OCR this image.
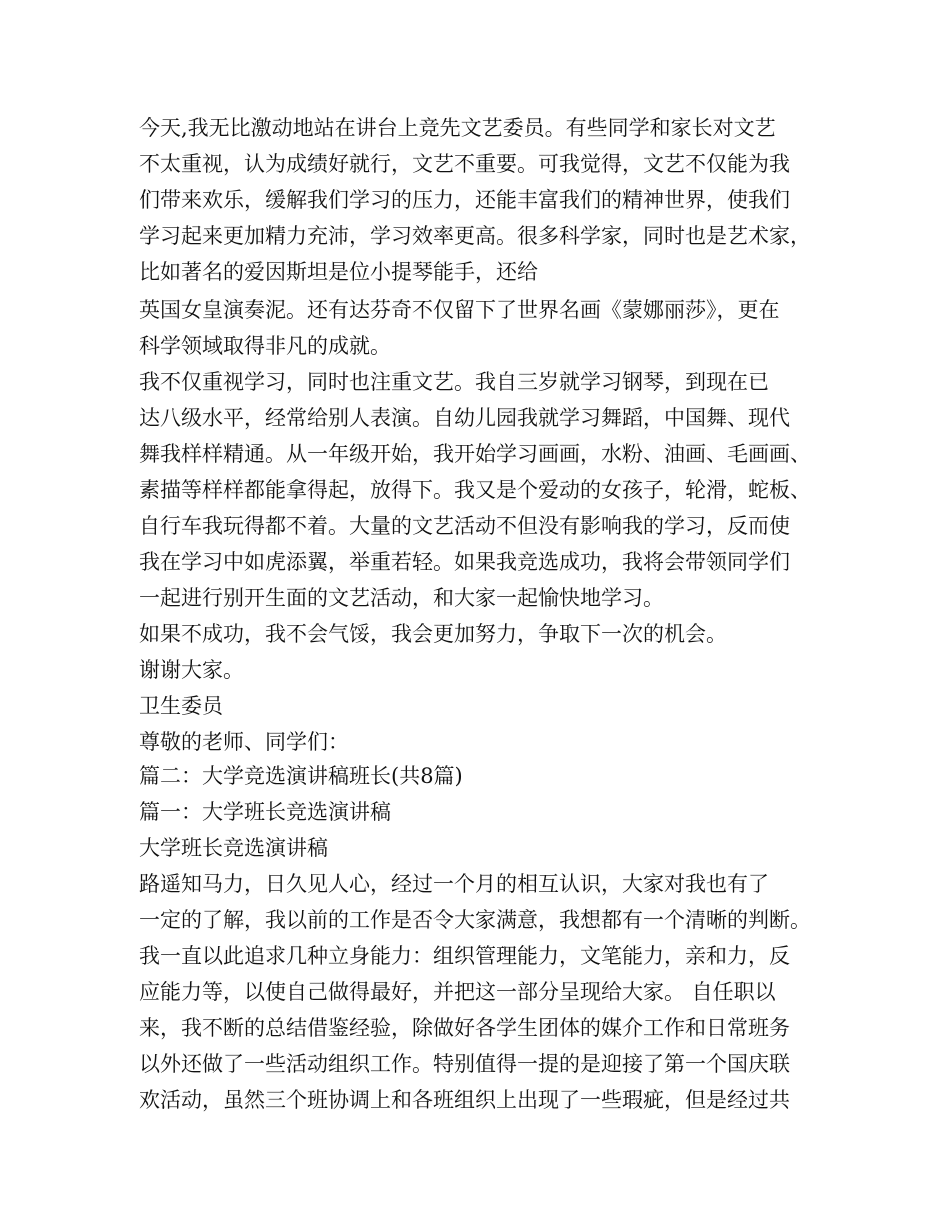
今天,我无比激动地站在讲台上竞先文艺委员。有些同学和家长对文艺

不太重视，认为成绩好就行，文艺不重要。可我觉得，文艺不仅能为我

们带来欢乐，缓解我们学习的压力，还能丰富我们的精神世界，使我们

学习起来更加精力充沛，学习效率更高。很多科学家，同时也是艺术家，

比如著名的爱因斯坦是位小提琴能手，还给

英国女皇演奏泥。还有达芬奇不仅留下了世界名画《蒙娜丽莎》，更在

科学领域取得非凡的成就。

我不仅重视学习，同时也注重文艺。我自三岁就学习钢琴，到现在已

达八级水平，经常给别人表演。自幼儿园我就学习舞蹈，中国舞、现代

舞我样样精通。从一年级开始，我开始学习画画，水粉、油画、毛画画、

素描等样样都能拿得起，放得下。我又是个爱动的女孩子，轮滑，蛇板、

自行车我玩得都不着。大量的文艺活动不但没有影响我的学习，反而使

我在学习中如虎添翼，举重若轻。如果我竞选成功，我将会带领同学们

一起进行别开生面的文艺活动，和大家一起愉快地学习。

如果不成功，我不会气馁，我会更加努力，争取下一次的机会。

谢谢大家。

卫生委员

尊敬的老师、同学们：

篇二：大学竞选演讲稿班长(共8篇)

篇一：大学班长竞选演讲稿

大学班长竞选演讲稿

路遥知马力，日久见人心，经过一个月的相互认识，大家对我也有了

一定的了解，我以前的工作是否令大家满意，我想都有一个清晰的判断。

我一直以此追求几种立身能力：组织管理能力，文笔能力，亲和力，反

应能力等，以使自己做得最好，并把这一部分呈现给大家。 自任职以

来，我不断的总结借鉴经验，除做好各学生团体的媒介工作和日常班务

以外还做了一些活动组织工作。特别值得一提的是迎接了第一个国庆联

欢活动，虽然三个班协调上和各班组织上出现了一些瑕疵，但是经过共
